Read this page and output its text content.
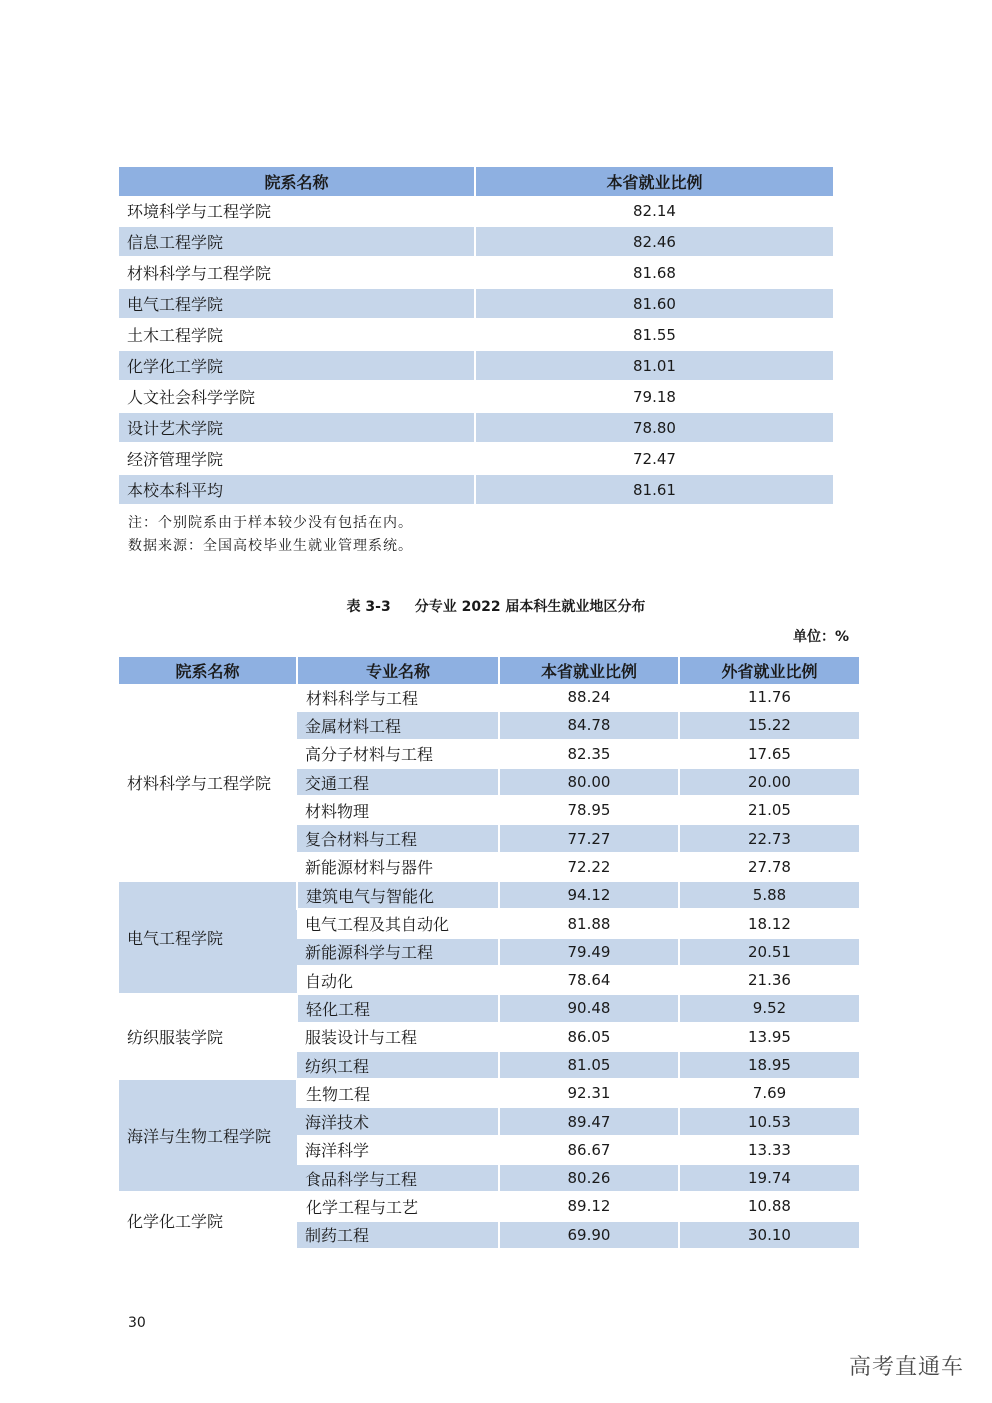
院系名称	本省就业比例
环境科学与工程学院	82.14
信息工程学院	82.46
材料科学与工程学院	81.68
电气工程学院	81.60
土木工程学院	81.55
化学化工学院	81.01
人文社会科学学院	79.18
设计艺术学院	78.80
经济管理学院	72.47
本校本科平均	81.61
注：个别院系由于样本较少没有包括在内。
数据来源：全国高校毕业生就业管理系统。
表 3-3 分专业 2022 届本科生就业地区分布
单位：%
院系名称	专业名称	本省就业比例	外省就业比例
材料科学与工程学院	材料科学与工程	88.24	11.76
	金属材料工程	84.78	15.22
	高分子材料与工程	82.35	17.65
	交通工程	80.00	20.00
	材料物理	78.95	21.05
	复合材料与工程	77.27	22.73
	新能源材料与器件	72.22	27.78
电气工程学院	建筑电气与智能化	94.12	5.88
	电气工程及其自动化	81.88	18.12
	新能源科学与工程	79.49	20.51
	自动化	78.64	21.36
纺织服装学院	轻化工程	90.48	9.52
	服装设计与工程	86.05	13.95
	纺织工程	81.05	18.95
海洋与生物工程学院	生物工程	92.31	7.69
	海洋技术	89.47	10.53
	海洋科学	86.67	13.33
	食品科学与工程	80.26	19.74
化学化工学院	化学工程与工艺	89.12	10.88
	制药工程	69.90	30.10
30
高考直通车
